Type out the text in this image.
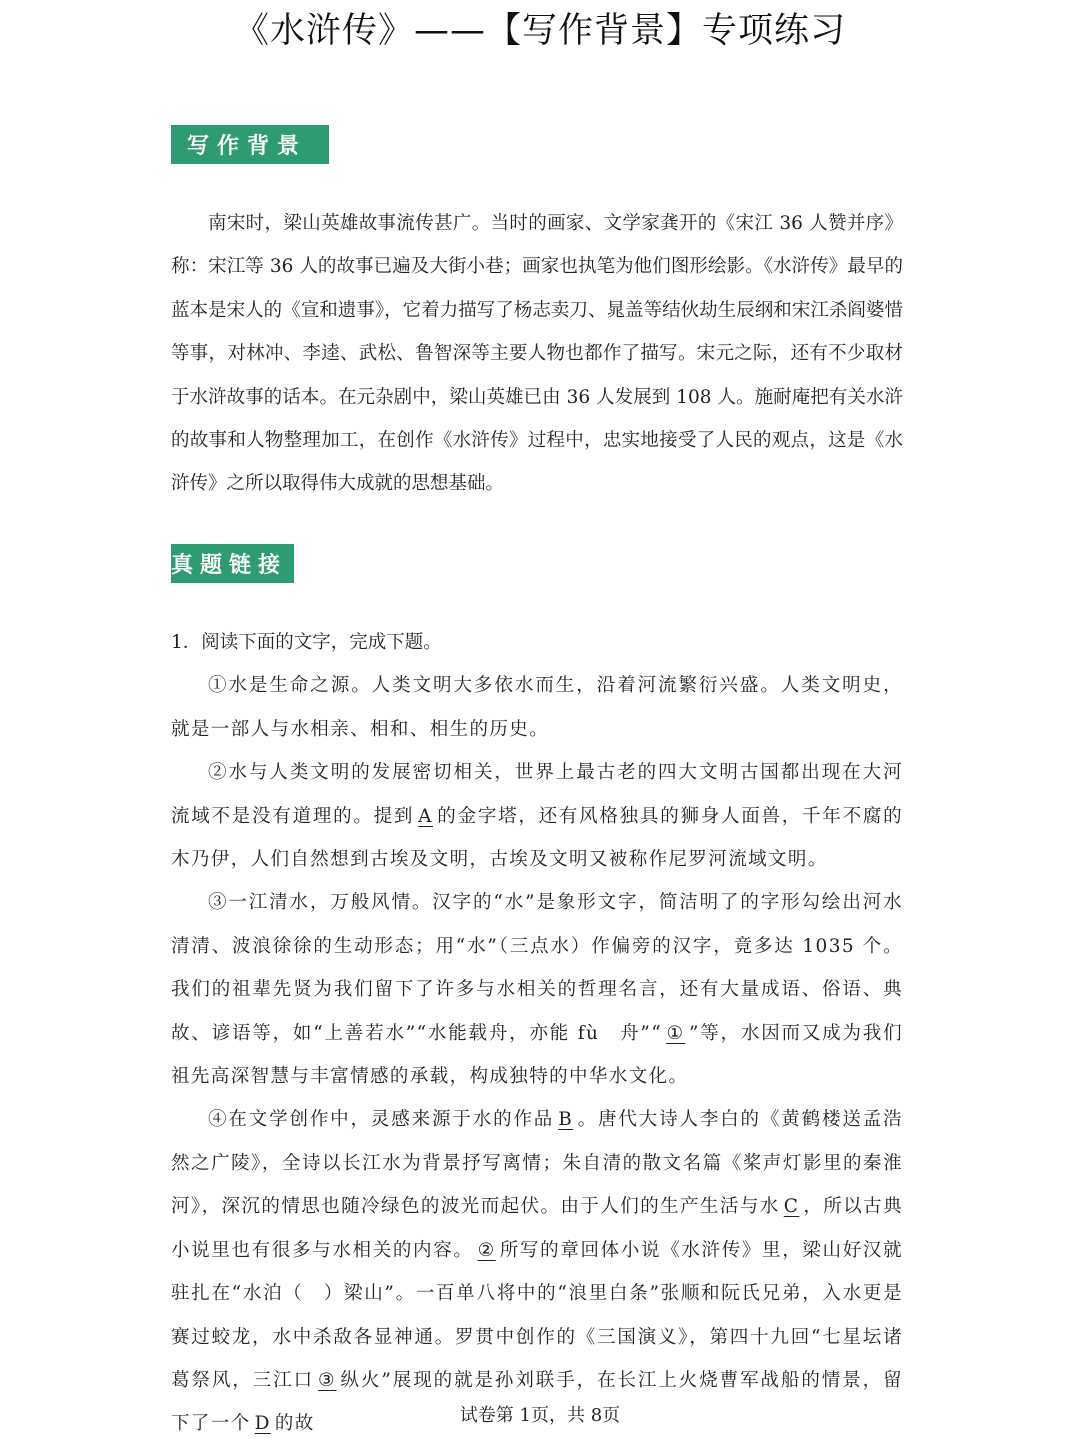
《水浒传》——【写作背景】专项练习
写作背景

南宋时，梁山英雄故事流传甚广。当时的画家、文学家龚开的《宋江 36 人赞并序》称：宋江等 36 人的故事已遍及大街小巷；画家也执笔为他们图形绘影。《水浒传》最早的蓝本是宋人的《宣和遗事》，它着力描写了杨志卖刀、晁盖等结伙劫生辰纲和宋江杀阎婆惜等事，对林冲、李逵、武松、鲁智深等主要人物也都作了描写。宋元之际，还有不少取材于水浒故事的话本。在元杂剧中，梁山英雄已由 36 人发展到 108 人。施耐庵把有关水浒的故事和人物整理加工，在创作《水浒传》过程中，忠实地接受了人民的观点，这是《水浒传》之所以取得伟大成就的思想基础。

真题链接

1．阅读下面的文字，完成下题。

①水是生命之源。人类文明大多依水而生，沿着河流繁衍兴盛。人类文明史，就是一部人与水相亲、相和、相生的历史。

②水与人类文明的发展密切相关，世界上最古老的四大文明古国都出现在大河流域不是没有道理的。提到 A 的金字塔，还有风格独具的狮身人面兽，千年不腐的木乃伊，人们自然想到古埃及文明，古埃及文明又被称作尼罗河流域文明。

③一江清水，万般风情。汉字的“水”是象形文字，简洁明了的字形勾绘出河水清清、波浪徐徐的生动形态；用“水”（三点水）作偏旁的汉字，竟多达 1035 个。我们的祖辈先贤为我们留下了许多与水相关的哲理名言，还有大量成语、俗语、典故、谚语等，如“上善若水”“水能载舟，亦能 fù　舟”“ ① ”等，水因而又成为我们祖先高深智慧与丰富情感的承载，构成独特的中华水文化。

④在文学创作中，灵感来源于水的作品 B 。唐代大诗人李白的《黄鹤楼送孟浩然之广陵》，全诗以长江水为背景抒写离情；朱自清的散文名篇《桨声灯影里的秦淮河》，深沉的情思也随冷绿色的波光而起伏。由于人们的生产生活与水 C ，所以古典小说里也有很多与水相关的内容。 ② 所写的章回体小说《水浒传》里，梁山好汉就驻扎在“水泊（　）梁山”。一百单八将中的“浪里白条”张顺和阮氏兄弟，入水更是赛过蛟龙，水中杀敌各显神通。罗贯中创作的《三国演义》，第四十九回“七星坛诸葛祭风，三江口 ③ 纵火”展现的就是孙刘联手，在长江上火烧曹军战船的情景，留下了一个 D 的故	试卷第 1页，共 8页
